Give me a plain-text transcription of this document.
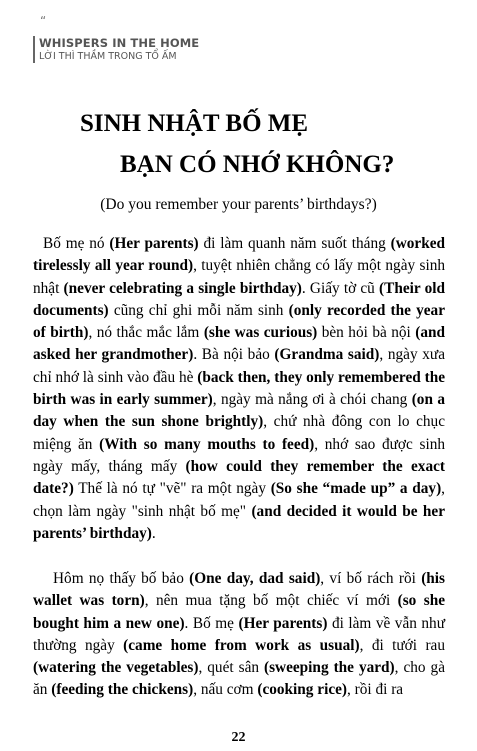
“
WHISPERS IN THE HOME
LỜI THÌ THẦM TRONG TỔ ẤM
SINH NHẬT BỐ MẸ
BẠN CÓ NHỚ KHÔNG?
(Do you remember your parents’ birthdays?)
Bố mẹ nó (Her parents) đi làm quanh năm suốt tháng (worked tirelessly all year round), tuyệt nhiên chẳng có lấy một ngày sinh nhật (never celebrating a single birthday). Giấy tờ cũ (Their old documents) cũng chỉ ghi mỗi năm sinh (only recorded the year of birth), nó thắc mắc lắm (she was curious) bèn hỏi bà nội (and asked her grandmother). Bà nội bảo (Grandma said), ngày xưa chỉ nhớ là sinh vào đầu hè (back then, they only remembered the birth was in early summer), ngày mà nắng ơi à chói chang (on a day when the sun shone brightly), chứ nhà đông con lo chục miệng ăn (With so many mouths to feed), nhớ sao được sinh ngày mấy, tháng mấy (how could they remember the exact date?) Thế là nó tự "vẽ" ra một ngày (So she “made up” a day), chọn làm ngày "sinh nhật bố mẹ" (and decided it would be her parents’ birthday).
Hôm nọ thấy bố bảo (One day, dad said), ví bố rách rồi (his wallet was torn), nên mua tặng bố một chiếc ví mới (so she bought him a new one). Bố mẹ (Her parents) đi làm về vẫn như thường ngày (came home from work as usual), đi tưới rau (watering the vegetables), quét sân (sweeping the yard), cho gà ăn (feeding the chickens), nấu cơm (cooking rice), rồi đi ra
22
